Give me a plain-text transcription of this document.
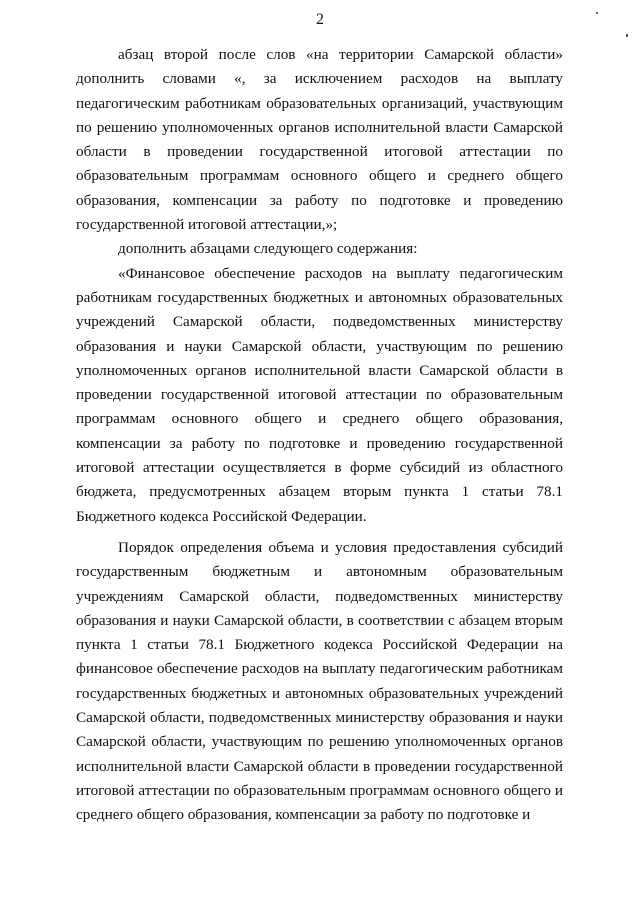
2

абзац второй после слов «на территории Самарской области» дополнить словами «, за исключением расходов на выплату педагогическим работникам образовательных организаций, участвующим по решению уполномоченных органов исполнительной власти Самарской области в проведении государственной итоговой аттестации по образовательным программам основного общего и среднего общего образования, компенсации за работу по подготовке и проведению государственной итоговой аттестации,»;

дополнить абзацами следующего содержания:

«Финансовое обеспечение расходов на выплату педагогическим работникам государственных бюджетных и автономных образовательных учреждений Самарской области, подведомственных министерству образования и науки Самарской области, участвующим по решению уполномоченных органов исполнительной власти Самарской области в проведении государственной итоговой аттестации по образовательным программам основного общего и среднего общего образования, компенсации за работу по подготовке и проведению государственной итоговой аттестации осуществляется в форме субсидий из областного бюджета, предусмотренных абзацем вторым пункта 1 статьи 78.1 Бюджетного кодекса Российской Федерации.

Порядок определения объема и условия предоставления субсидий государственным бюджетным и автономным образовательным учреждениям Самарской области, подведомственных министерству образования и науки Самарской области, в соответствии с абзацем вторым пункта 1 статьи 78.1 Бюджетного кодекса Российской Федерации на финансовое обеспечение расходов на выплату педагогическим работникам государственных бюджетных и автономных образовательных учреждений Самарской области, подведомственных министерству образования и науки Самарской области, участвующим по решению уполномоченных органов исполнительной власти Самарской области в проведении государственной итоговой аттестации по образовательным программам основного общего и среднего общего образования, компенсации за работу по подготовке и
